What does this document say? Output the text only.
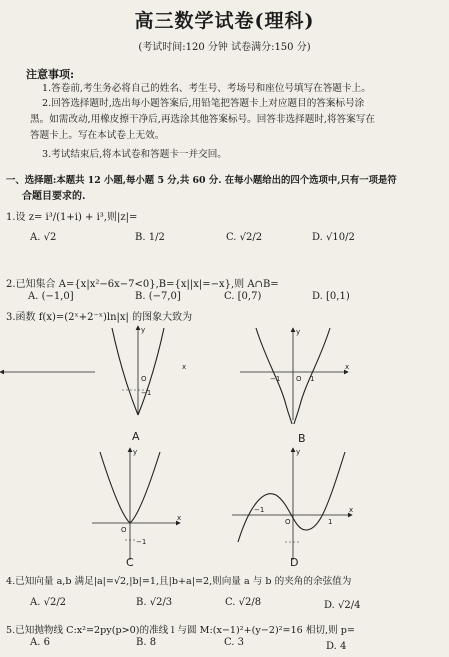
高三数学试卷(理科)
(考试时间:120 分钟 试卷满分:150 分)
注意事项:
1.答卷前,考生务必将自己的姓名、考生号、考场号和座位号填写在答题卡上。
2.回答选择题时,选出每小题答案后,用铅笔把答题卡上对应题目的答案标号涂
黑。如需改动,用橡皮擦干净后,再选涂其他答案标号。回答非选择题时,将答案写在
答题卡上。写在本试卷上无效。
3.考试结束后,将本试卷和答题卡一并交回。
一、选择题:本题共 12 小题,每小题 5 分,共 60 分. 在每小题给出的四个选项中,只有一项是符
合题目要求的.
1.设 z= i³/(1+i) + i³,则|z|=
A. √2	B. 1/2	C. √2/2	D. √10/2
2.已知集合 A={x|x²−6x−7<0},B={x||x|=−x},则 A∩B=
A. (−1,0]	B. (−7,0]	C. [0,7)	D. [0,1)
3.函数 f(x)=(2ˣ+2⁻ˣ)ln|x| 的图象大致为
x
y
O
−1
A
x
y
−1 O 1
B
x
y
O
−1
C
x
y
−1
O	1
D
4.已知向量 a,b 满足|a|=√2,|b|=1,且|b+a|=2,则向量 a 与 b 的夹角的余弦值为
A. √2/2	B. √2/3	C. √2/8	D. √2/4
5.已知抛物线 C:x²=2py(p>0)的准线 l 与圆 M:(x−1)²+(y−2)²=16 相切,则 p=
A. 6	B. 8	C. 3	D. 4
